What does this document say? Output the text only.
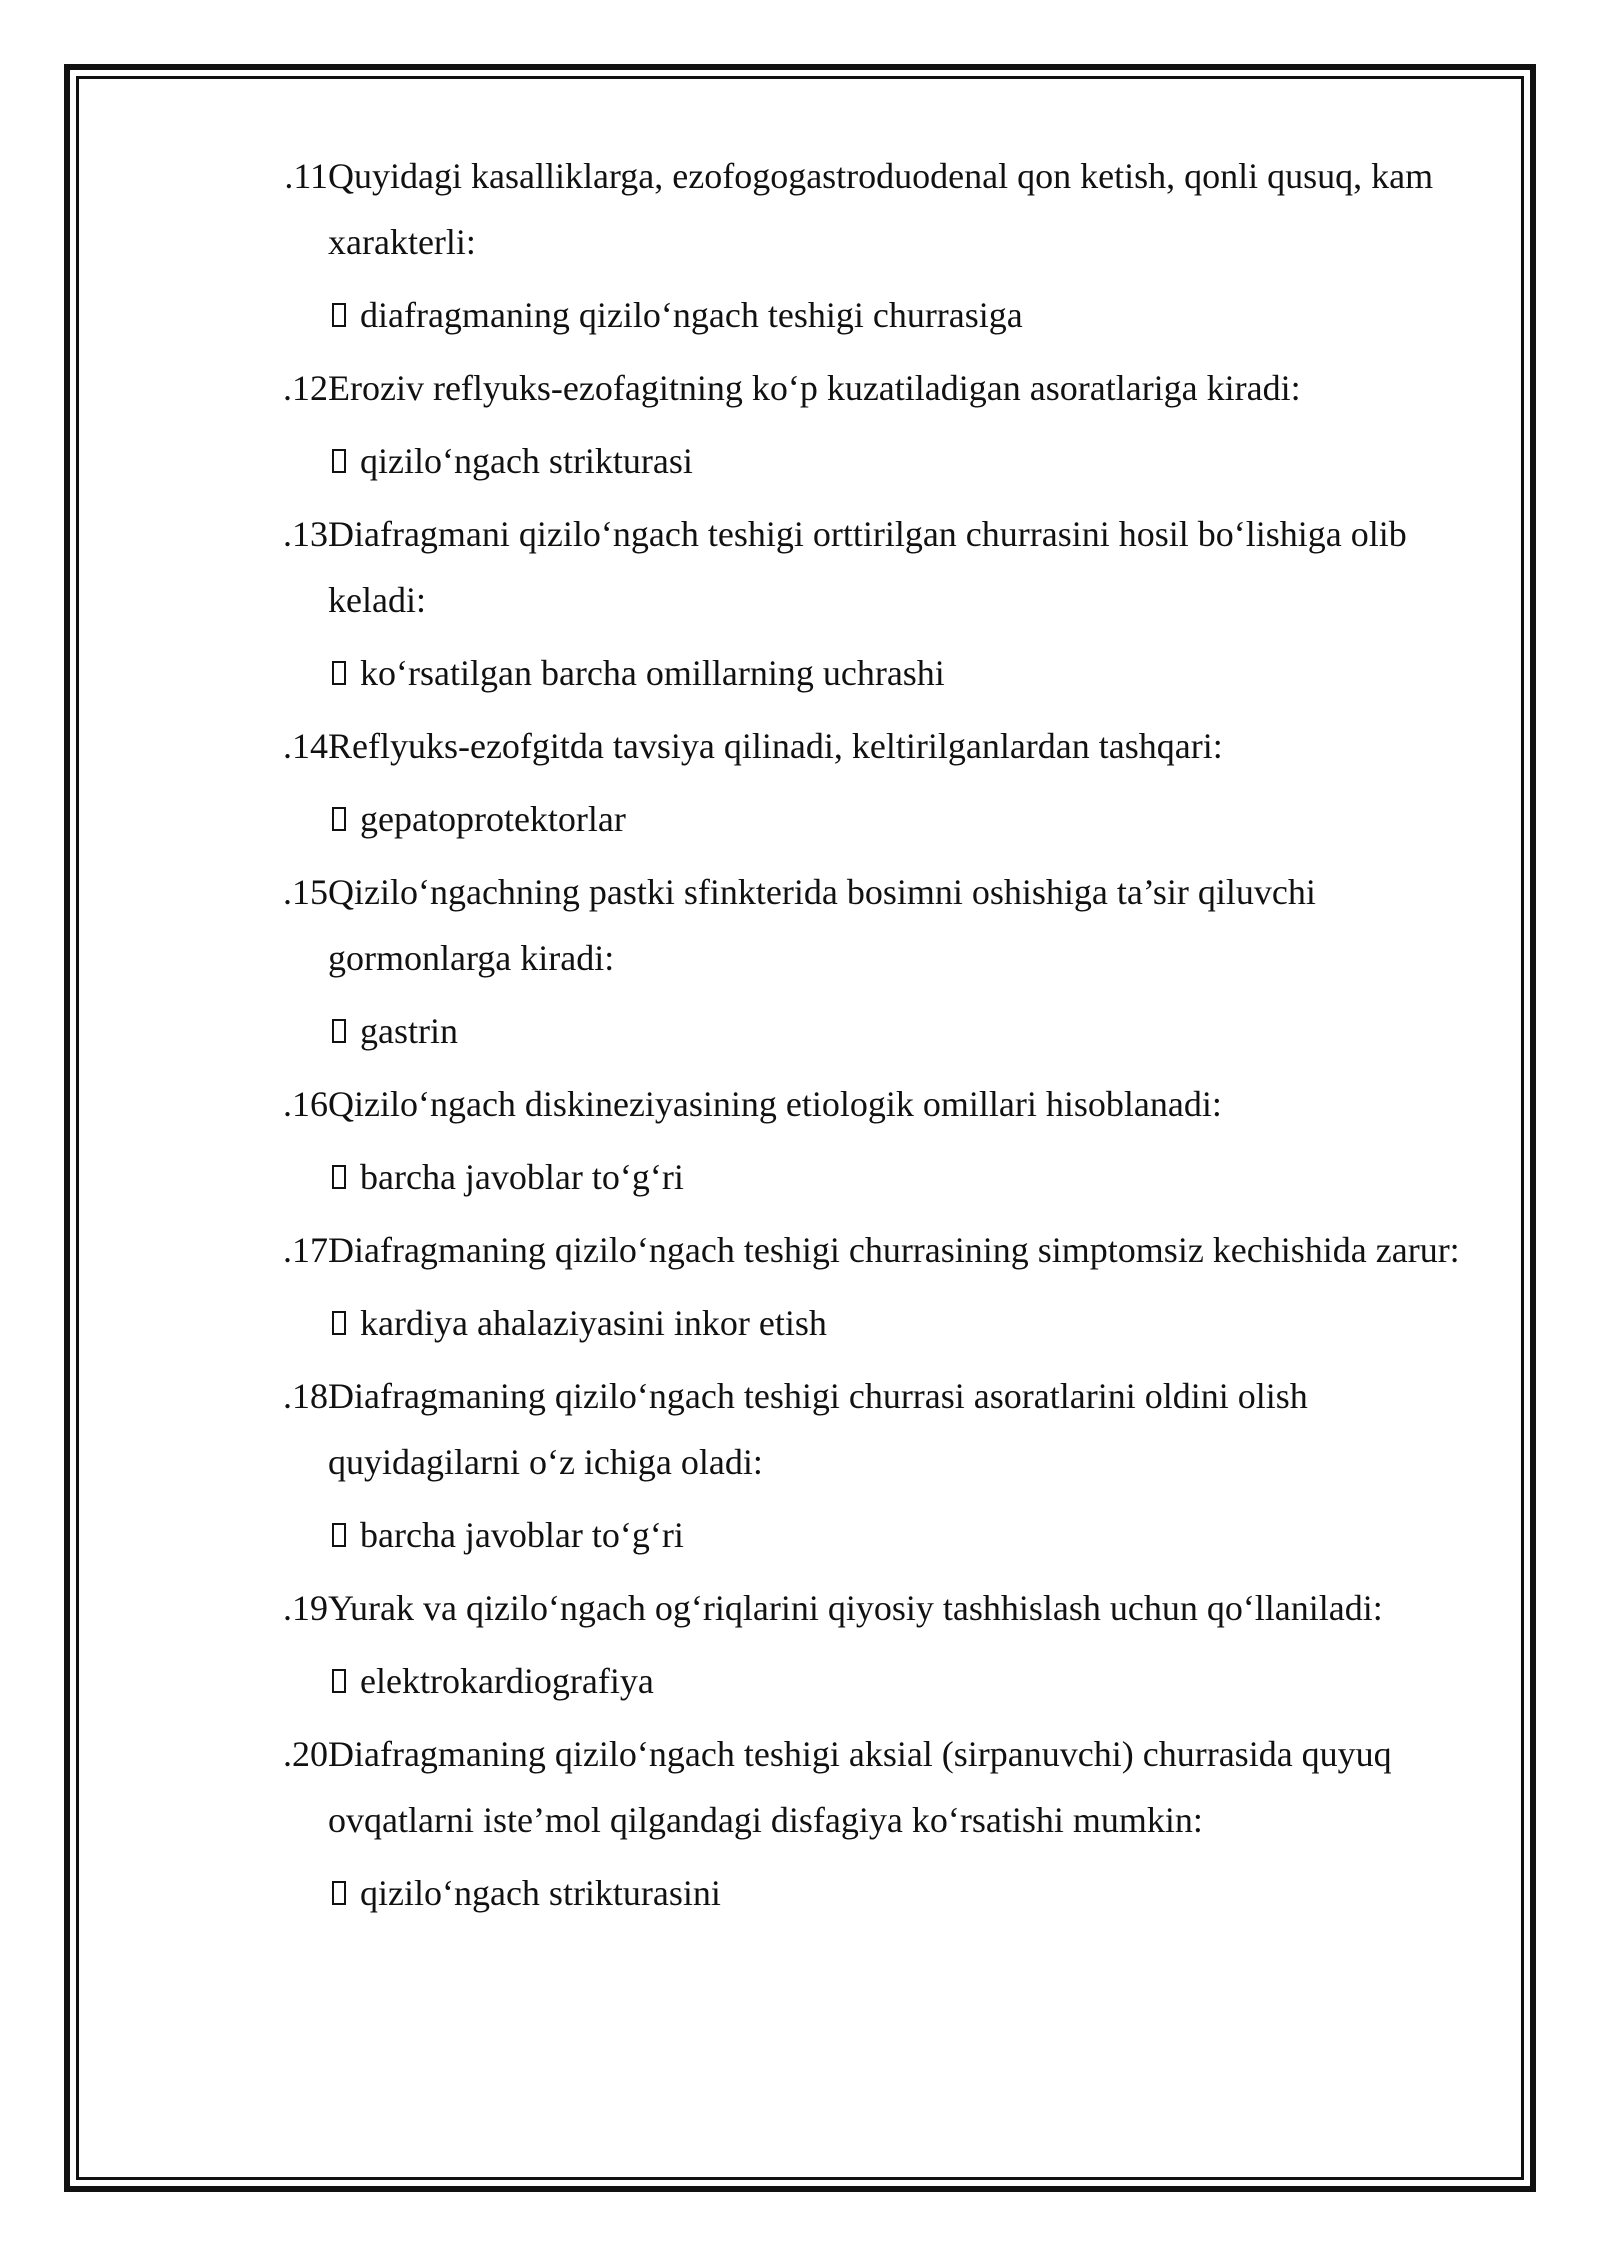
11. Quyidagi kasalliklarga, ezofogogastroduodenal qon ketish, qonli qusuq, kam xarakterli:
diafragmaning qizilo‘ngach teshigi churrasiga
12. Eroziv reflyuks-ezofagitning ko‘p kuzatiladigan asoratlariga kiradi:
qizilo‘ngach strikturasi
13. Diafragmani qizilo‘ngach teshigi orttirilgan churrasini hosil bo‘lishiga olib keladi:
ko‘rsatilgan barcha omillarning uchrashi
14. Reflyuks-ezofgitda tavsiya qilinadi, keltirilganlardan tashqari:
gepatoprotektorlar
15. Qizilo‘ngachning pastki sfinkterida bosimni oshishiga ta’sir qiluvchi gormonlarga kiradi:
gastrin
16. Qizilo‘ngach diskineziyasining etiologik omillari hisoblanadi:
barcha javoblar to‘g‘ri
17. Diafragmaning qizilo‘ngach teshigi churrasining simptomsiz kechishida zarur:
kardiya ahalaziyasini inkor etish
18. Diafragmaning qizilo‘ngach teshigi churrasi asoratlarini oldini olish quyidagilarni o‘z ichiga oladi:
barcha javoblar to‘g‘ri
19. Yurak va qizilo‘ngach og‘riqlarini qiyosiy tashhislash uchun qo‘llaniladi:
elektrokardiografiya
20. Diafragmaning qizilo‘ngach teshigi aksial (sirpanuvchi) churrasida quyuq ovqatlarni iste’mol qilgandagi disfagiya ko‘rsatishi mumkin:
qizilo‘ngach strikturasini
